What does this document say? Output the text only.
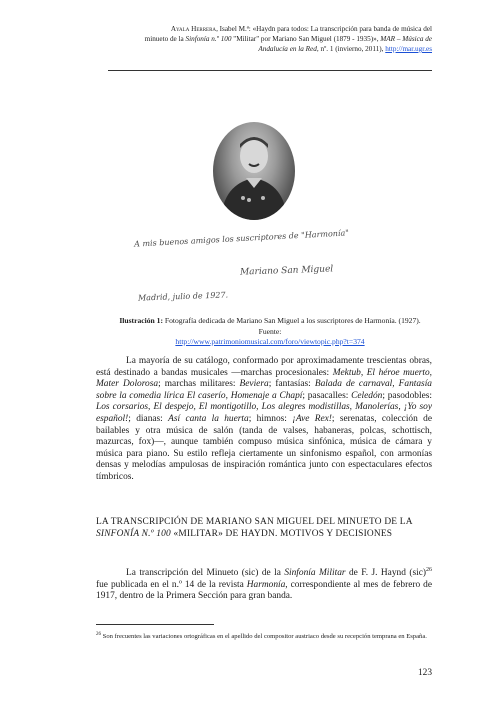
Ayala Herrera, Isabel M.ª: «Haydn para todos: La transcripción para banda de música del
minueto de la Sinfonía n.º 100 "Militar" por Mariano San Miguel (1879 - 1935)», MAR – Música de
Andalucía en la Red, nº. 1 (invierno, 2011), http://mar.ugr.es
A mis buenos amigos los suscriptores de "Harmonía"
Mariano San Miguel
Madrid, julio de 1927.
Ilustración 1: Fotografía dedicada de Mariano San Miguel a los suscriptores de Harmonía. (1927). Fuente:
http://www.patrimoniomusical.com/foro/viewtopic.php?t=374

La mayoría de su catálogo, conformado por aproximadamente trescientas obras, está destinado a bandas musicales —marchas procesionales: Mektub, El héroe muerto, Mater Dolorosa; marchas militares: Beviera; fantasías: Balada de carnaval, Fantasía sobre la comedia lírica El caserío, Homenaje a Chapí; pasacalles: Celedón; pasodobles: Los corsarios, El despejo, El montigotillo, Los alegres modistillas, Manolerías, ¡Yo soy español!; dianas: Así canta la huerta; himnos: ¡Ave Rex!; serenatas, colección de bailables y otra música de salón (tanda de valses, habaneras, polcas, schottisch, mazurcas, fox)—, aunque también compuso música sinfónica, música de cámara y música para piano. Su estilo refleja ciertamente un sinfonismo español, con armonías densas y melodías ampulosas de inspiración romántica junto con espectaculares efectos tímbricos.

LA TRANSCRIPCIÓN DE MARIANO SAN MIGUEL DEL MINUETO DE LA SINFONÍA N.º 100 «MILITAR» DE HAYDN. MOTIVOS Y DECISIONES

La transcripción del Minueto (sic) de la Sinfonía Militar de F. J. Haynd (sic)$^{26}$ fue publicada en el n.º 14 de la revista Harmonía, correspondiente al mes de febrero de 1917, dentro de la Primera Sección para gran banda.

$^{26}$ Son frecuentes las variaciones ortográficas en el apellido del compositor austriaco desde su recepción temprana en España.
123
